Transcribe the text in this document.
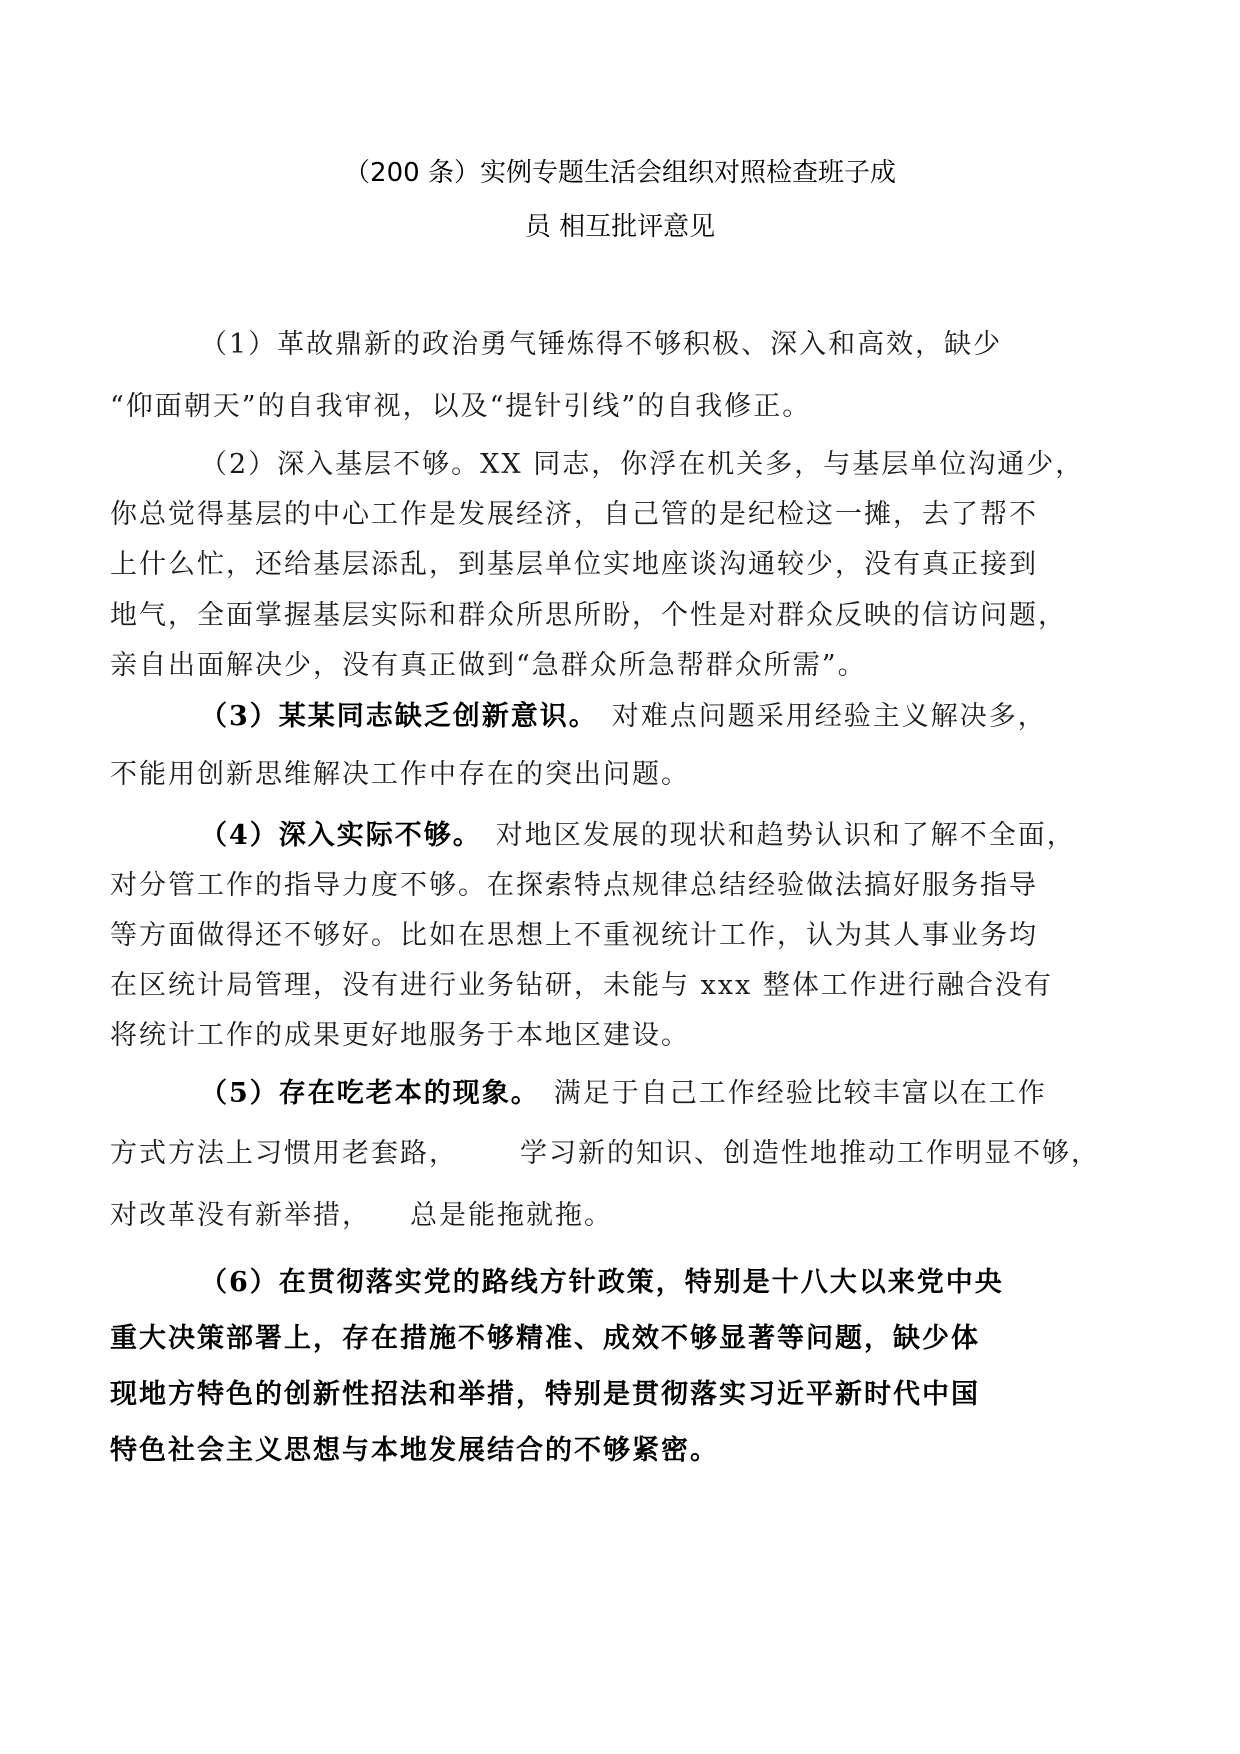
（200 条）实例专题生活会组织对照检查班子成
员 相互批评意见
（1）革故鼎新的政治勇气锤炼得不够积极、深入和高效，缺少
“仰面朝天”的自我审视，以及“提针引线”的自我修正。
（2）深入基层不够。XX 同志，你浮在机关多，与基层单位沟通少，
你总觉得基层的中心工作是发展经济，自己管的是纪检这一摊，去了帮不
上什么忙，还给基层添乱，到基层单位实地座谈沟通较少，没有真正接到
地气，全面掌握基层实际和群众所思所盼，个性是对群众反映的信访问题，
亲自出面解决少，没有真正做到“急群众所急帮群众所需”。
（3）某某同志缺乏创新意识。 对难点问题采用经验主义解决多，
不能用创新思维解决工作中存在的突出问题。
（4）深入实际不够。 对地区发展的现状和趋势认识和了解不全面，
对分管工作的指导力度不够。在探索特点规律总结经验做法搞好服务指导
等方面做得还不够好。比如在思想上不重视统计工作，认为其人事业务均
在区统计局管理，没有进行业务钻研，未能与 xxx 整体工作进行融合没有
将统计工作的成果更好地服务于本地区建设。
（5）存在吃老本的现象。 满足于自己工作经验比较丰富以在工作
方式方法上习惯用老套路， 学习新的知识、创造性地推动工作明显不够，
对改革没有新举措， 总是能拖就拖。
（6）在贯彻落实党的路线方针政策，特别是十八大以来党中央
重大决策部署上，存在措施不够精准、成效不够显著等问题，缺少体
现地方特色的创新性招法和举措，特别是贯彻落实习近平新时代中国
特色社会主义思想与本地发展结合的不够紧密。
